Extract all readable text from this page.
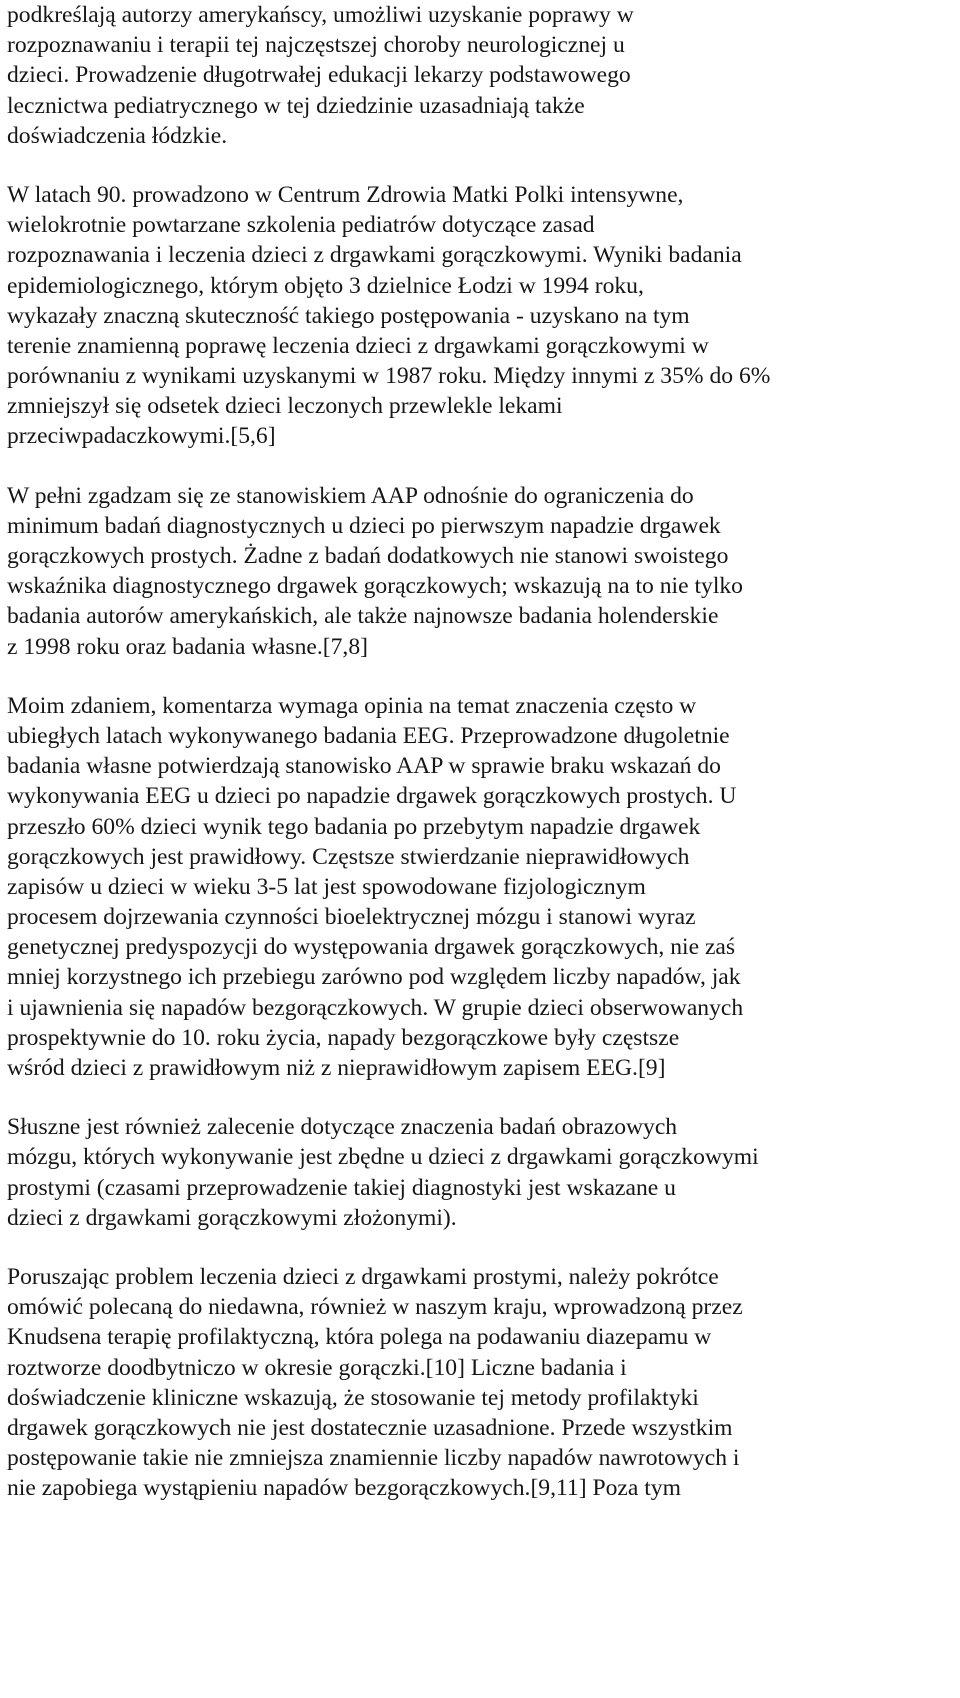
podkreślają autorzy amerykańscy, umożliwi uzyskanie poprawy w
rozpoznawaniu i terapii tej najczęstszej choroby neurologicznej u
dzieci. Prowadzenie długotrwałej edukacji lekarzy podstawowego
lecznictwa pediatrycznego w tej dziedzinie uzasadniają także
doświadczenia łódzkie.
W latach 90. prowadzono w Centrum Zdrowia Matki Polki intensywne,
wielokrotnie powtarzane szkolenia pediatrów dotyczące zasad
rozpoznawania i leczenia dzieci z drgawkami gorączkowymi. Wyniki badania
epidemiologicznego, którym objęto 3 dzielnice Łodzi w 1994 roku,
wykazały znaczną skuteczność takiego postępowania - uzyskano na tym
terenie znamienną poprawę leczenia dzieci z drgawkami gorączkowymi w
porównaniu z wynikami uzyskanymi w 1987 roku. Między innymi z 35% do 6%
zmniejszył się odsetek dzieci leczonych przewlekle lekami
przeciwpadaczkowymi.[5,6]
W pełni zgadzam się ze stanowiskiem AAP odnośnie do ograniczenia do
minimum badań diagnostycznych u dzieci po pierwszym napadzie drgawek
gorączkowych prostych. Żadne z badań dodatkowych nie stanowi swoistego
wskaźnika diagnostycznego drgawek gorączkowych; wskazują na to nie tylko
badania autorów amerykańskich, ale także najnowsze badania holenderskie
z 1998 roku oraz badania własne.[7,8]
Moim zdaniem, komentarza wymaga opinia na temat znaczenia często w
ubiegłych latach wykonywanego badania EEG. Przeprowadzone długoletnie
badania własne potwierdzają stanowisko AAP w sprawie braku wskazań do
wykonywania EEG u dzieci po napadzie drgawek gorączkowych prostych. U
przeszło 60% dzieci wynik tego badania po przebytym napadzie drgawek
gorączkowych jest prawidłowy. Częstsze stwierdzanie nieprawidłowych
zapisów u dzieci w wieku 3-5 lat jest spowodowane fizjologicznym
procesem dojrzewania czynności bioelektrycznej mózgu i stanowi wyraz
genetycznej predyspozycji do występowania drgawek gorączkowych, nie zaś
mniej korzystnego ich przebiegu zarówno pod względem liczby napadów, jak
i ujawnienia się napadów bezgorączkowych. W grupie dzieci obserwowanych
prospektywnie do 10. roku życia, napady bezgorączkowe były częstsze
wśród dzieci z prawidłowym niż z nieprawidłowym zapisem EEG.[9]
Słuszne jest również zalecenie dotyczące znaczenia badań obrazowych
mózgu, których wykonywanie jest zbędne u dzieci z drgawkami gorączkowymi
prostymi (czasami przeprowadzenie takiej diagnostyki jest wskazane u
dzieci z drgawkami gorączkowymi złożonymi).
Poruszając problem leczenia dzieci z drgawkami prostymi, należy pokrótce
omówić polecaną do niedawna, również w naszym kraju, wprowadzoną przez
Knudsena terapię profilaktyczną, która polega na podawaniu diazepamu w
roztworze doodbytniczo w okresie gorączki.[10] Liczne badania i
doświadczenie kliniczne wskazują, że stosowanie tej metody profilaktyki
drgawek gorączkowych nie jest dostatecznie uzasadnione. Przede wszystkim
postępowanie takie nie zmniejsza znamiennie liczby napadów nawrotowych i
nie zapobiega wystąpieniu napadów bezgorączkowych.[9,11] Poza tym
